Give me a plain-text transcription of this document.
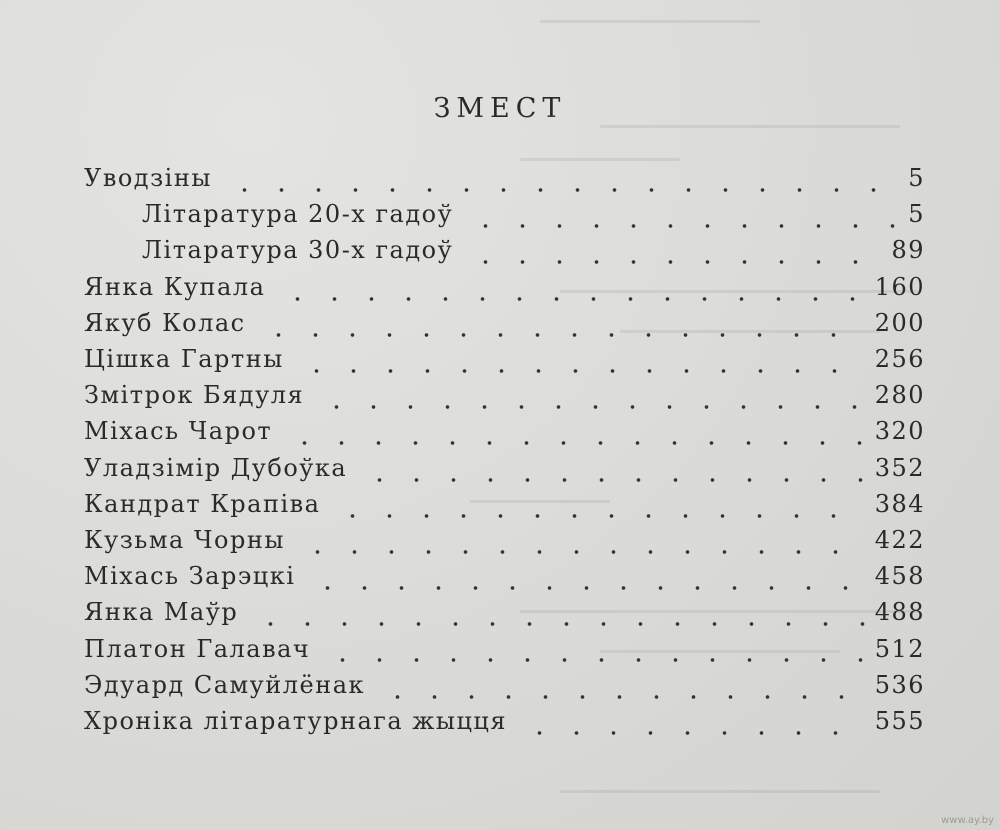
ЗМЕСТ
Уводзіны	5
Літаратура 20-х гадоў	5
Літаратура 30-х гадоў	89
Янка Купала	160
Якуб Колас	200
Цішка Гартны	256
Змітрок Бядуля	280
Міхась Чарот	320
Уладзімір Дубоўка	352
Кандрат Крапіва	384
Кузьма Чорны	422
Міхась Зарэцкі	458
Янка Маўр	488
Платон Галавач	512
Эдуард Самуйлёнак	536
Хроніка літаратурнага жыцця	555
www.ay.by
